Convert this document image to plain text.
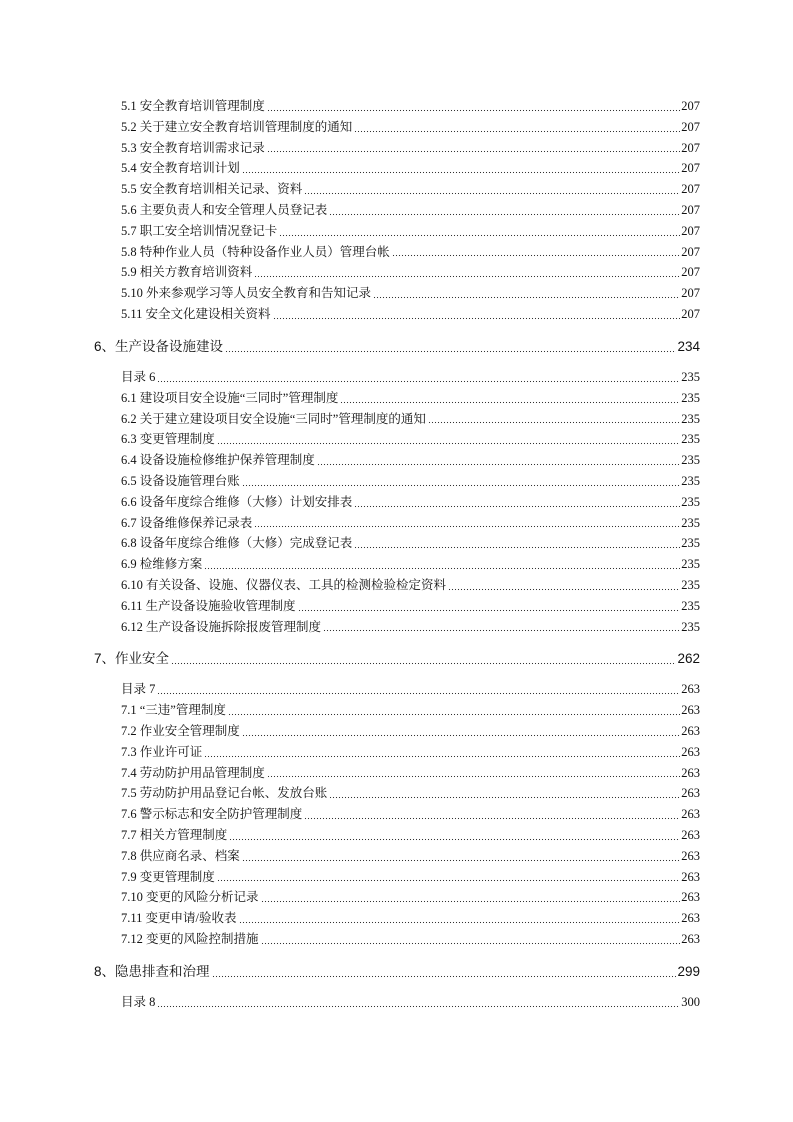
5.1 安全教育培训管理制度	207
5.2 关于建立安全教育培训管理制度的通知	207
5.3 安全教育培训需求记录	207
5.4 安全教育培训计划	207
5.5 安全教育培训相关记录、资料	207
5.6 主要负责人和安全管理人员登记表	207
5.7 职工安全培训情况登记卡	207
5.8 特种作业人员（特种设备作业人员）管理台帐	207
5.9 相关方教育培训资料	207
5.10 外来参观学习等人员安全教育和告知记录	207
5.11 安全文化建设相关资料	207
6、生产设备设施建设	234
目录 6	235
6.1 建设项目安全设施“三同时”管理制度	235
6.2 关于建立建设项目安全设施“三同时”管理制度的通知	235
6.3 变更管理制度	235
6.4 设备设施检修维护保养管理制度	235
6.5 设备设施管理台账	235
6.6 设备年度综合维修（大修）计划安排表	235
6.7 设备维修保养记录表	235
6.8 设备年度综合维修（大修）完成登记表	235
6.9 检维修方案	235
6.10 有关设备、设施、仪器仪表、工具的检测检验检定资料	235
6.11 生产设备设施验收管理制度	235
6.12 生产设备设施拆除报废管理制度	235
7、作业安全	262
目录 7	263
7.1 “三违”管理制度	263
7.2 作业安全管理制度	263
7.3 作业许可证	263
7.4 劳动防护用品管理制度	263
7.5 劳动防护用品登记台帐、发放台账	263
7.6 警示标志和安全防护管理制度	263
7.7 相关方管理制度	263
7.8 供应商名录、档案	263
7.9 变更管理制度	263
7.10 变更的风险分析记录	263
7.11 变更申请/验收表	263
7.12 变更的风险控制措施	263
8、隐患排查和治理	299
目录 8	300
